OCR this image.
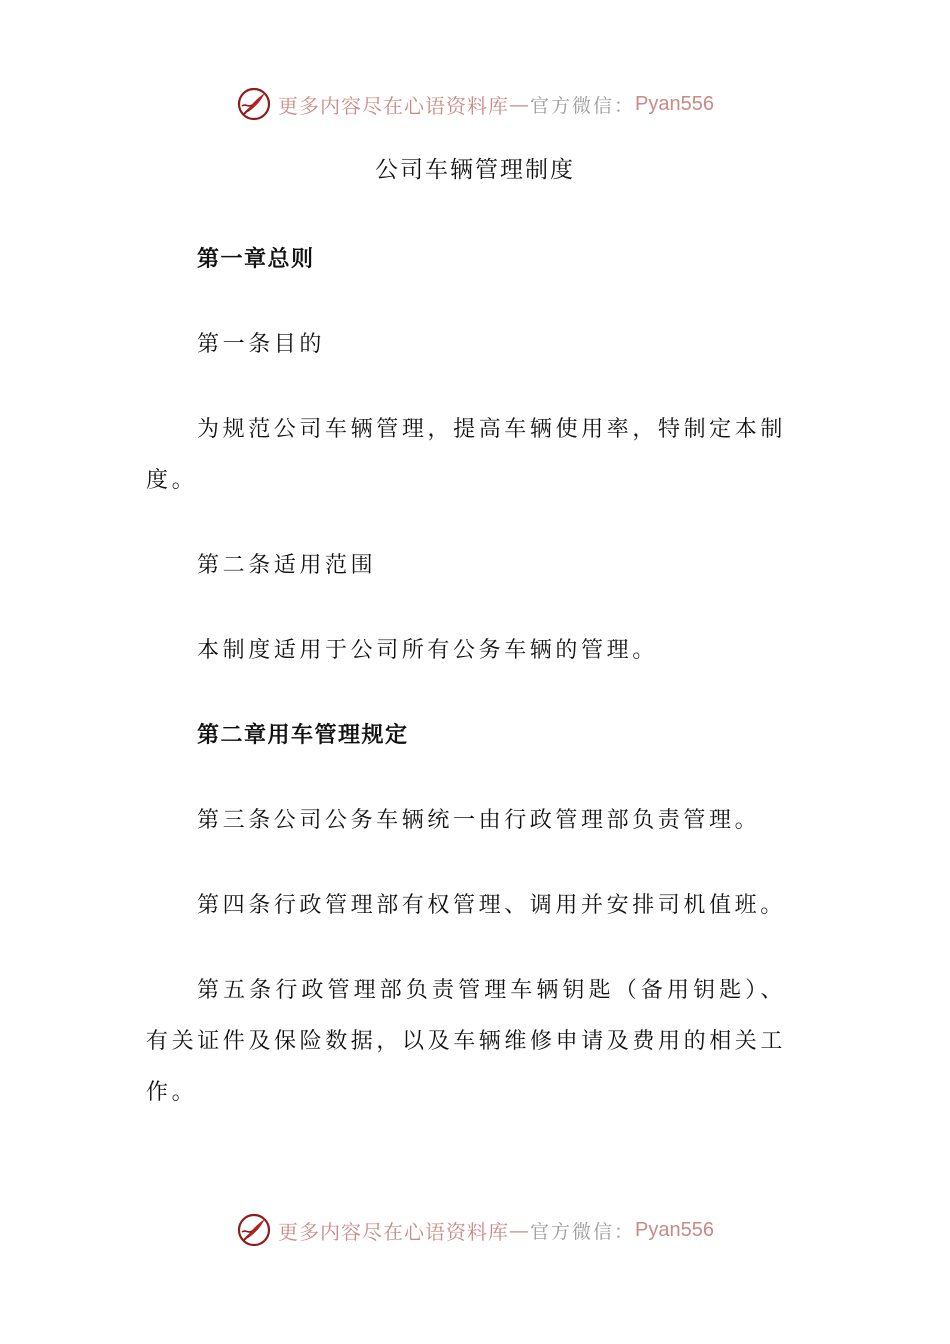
更多内容尽在心语资料库 — 官方微信： Pyan556
公司车辆管理制度

第一章总则

第一条目的

为规范公司车辆管理，提高车辆使用率，特制定本制度。

第二条适用范围

本制度适用于公司所有公务车辆的管理。

第二章用车管理规定

第三条公司公务车辆统一由行政管理部负责管理。

第四条行政管理部有权管理、调用并安排司机值班。

第五条行政管理部负责管理车辆钥匙（备用钥匙）、有关证件及保险数据，以及车辆维修申请及费用的相关工作。

更多内容尽在心语资料库 — 官方微信： Pyan556
